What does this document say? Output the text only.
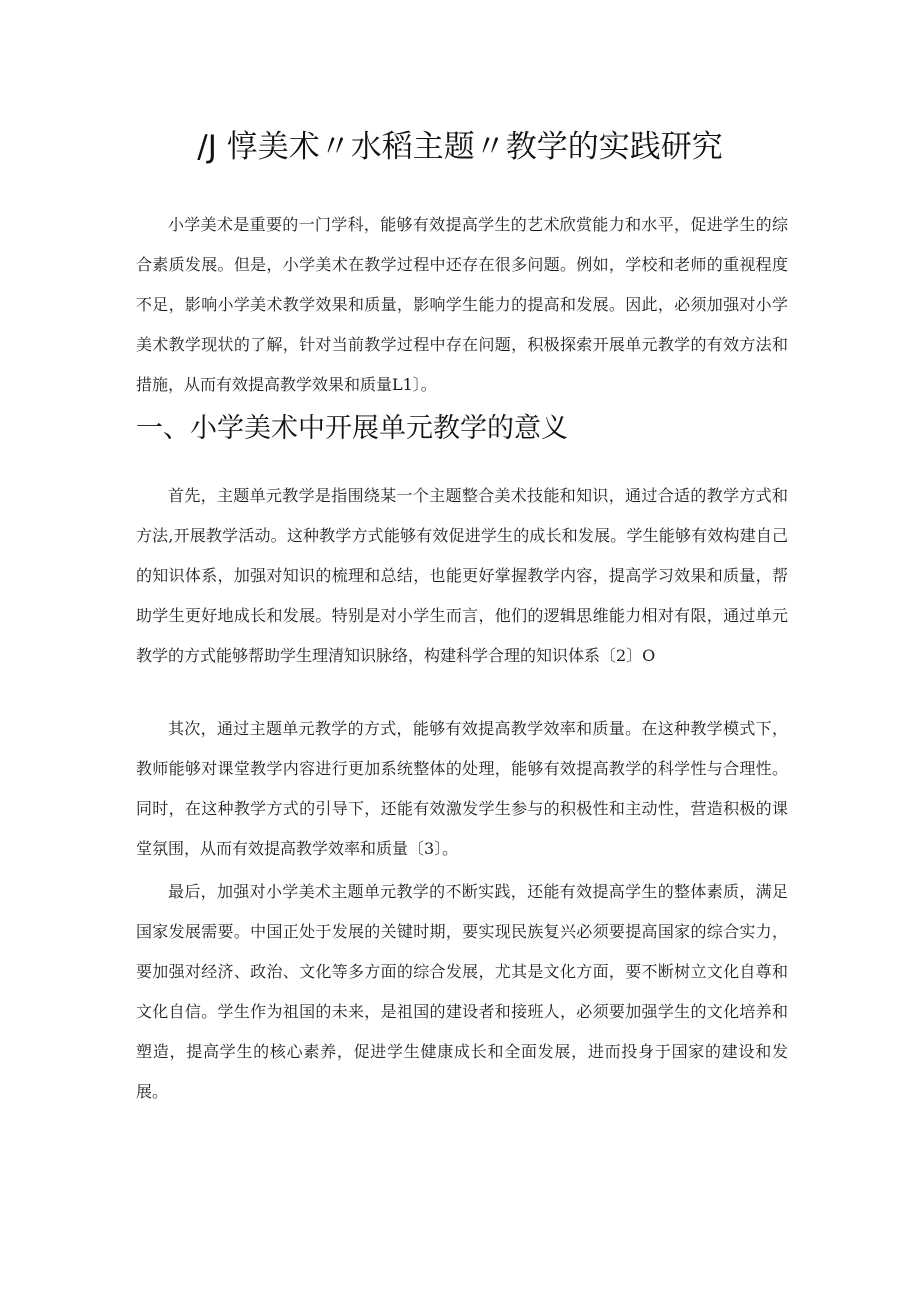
/J 惇美术〃水稻主题〃教学的实践研究

小学美术是重要的一门学科，能够有效提高学生的艺术欣赏能力和水平，促进学生的综合素质发展。但是，小学美术在教学过程中还存在很多问题。例如，学校和老师的重视程度不足，影响小学美术教学效果和质量，影响学生能力的提高和发展。因此，必须加强对小学美术教学现状的了解，针对当前教学过程中存在问题，积极探索开展单元教学的有效方法和措施，从而有效提高教学效果和质量L1〕。

一、小学美术中开展单元教学的意义

首先，主题单元教学是指围绕某一个主题整合美术技能和知识，通过合适的教学方式和方法,开展教学活动。这种教学方式能够有效促进学生的成长和发展。学生能够有效构建自己的知识体系，加强对知识的梳理和总结，也能更好掌握教学内容，提高学习效果和质量，帮助学生更好地成长和发展。特别是对小学生而言，他们的逻辑思维能力相对有限，通过单元教学的方式能够帮助学生理清知识脉络，构建科学合理的知识体系〔2〕O

其次，通过主题单元教学的方式，能够有效提高教学效率和质量。在这种教学模式下，教师能够对课堂教学内容进行更加系统整体的处理，能够有效提高教学的科学性与合理性。同时，在这种教学方式的引导下，还能有效激发学生参与的积极性和主动性，营造积极的课堂氛围，从而有效提高教学效率和质量〔3〕。

最后，加强对小学美术主题单元教学的不断实践，还能有效提高学生的整体素质，满足国家发展需要。中国正处于发展的关键时期，要实现民族复兴必须要提高国家的综合实力，要加强对经济、政治、文化等多方面的综合发展，尤其是文化方面，要不断树立文化自尊和文化自信。学生作为祖国的未来，是祖国的建设者和接班人，必须要加强学生的文化培养和塑造，提高学生的核心素养，促进学生健康成长和全面发展，进而投身于国家的建设和发展。
